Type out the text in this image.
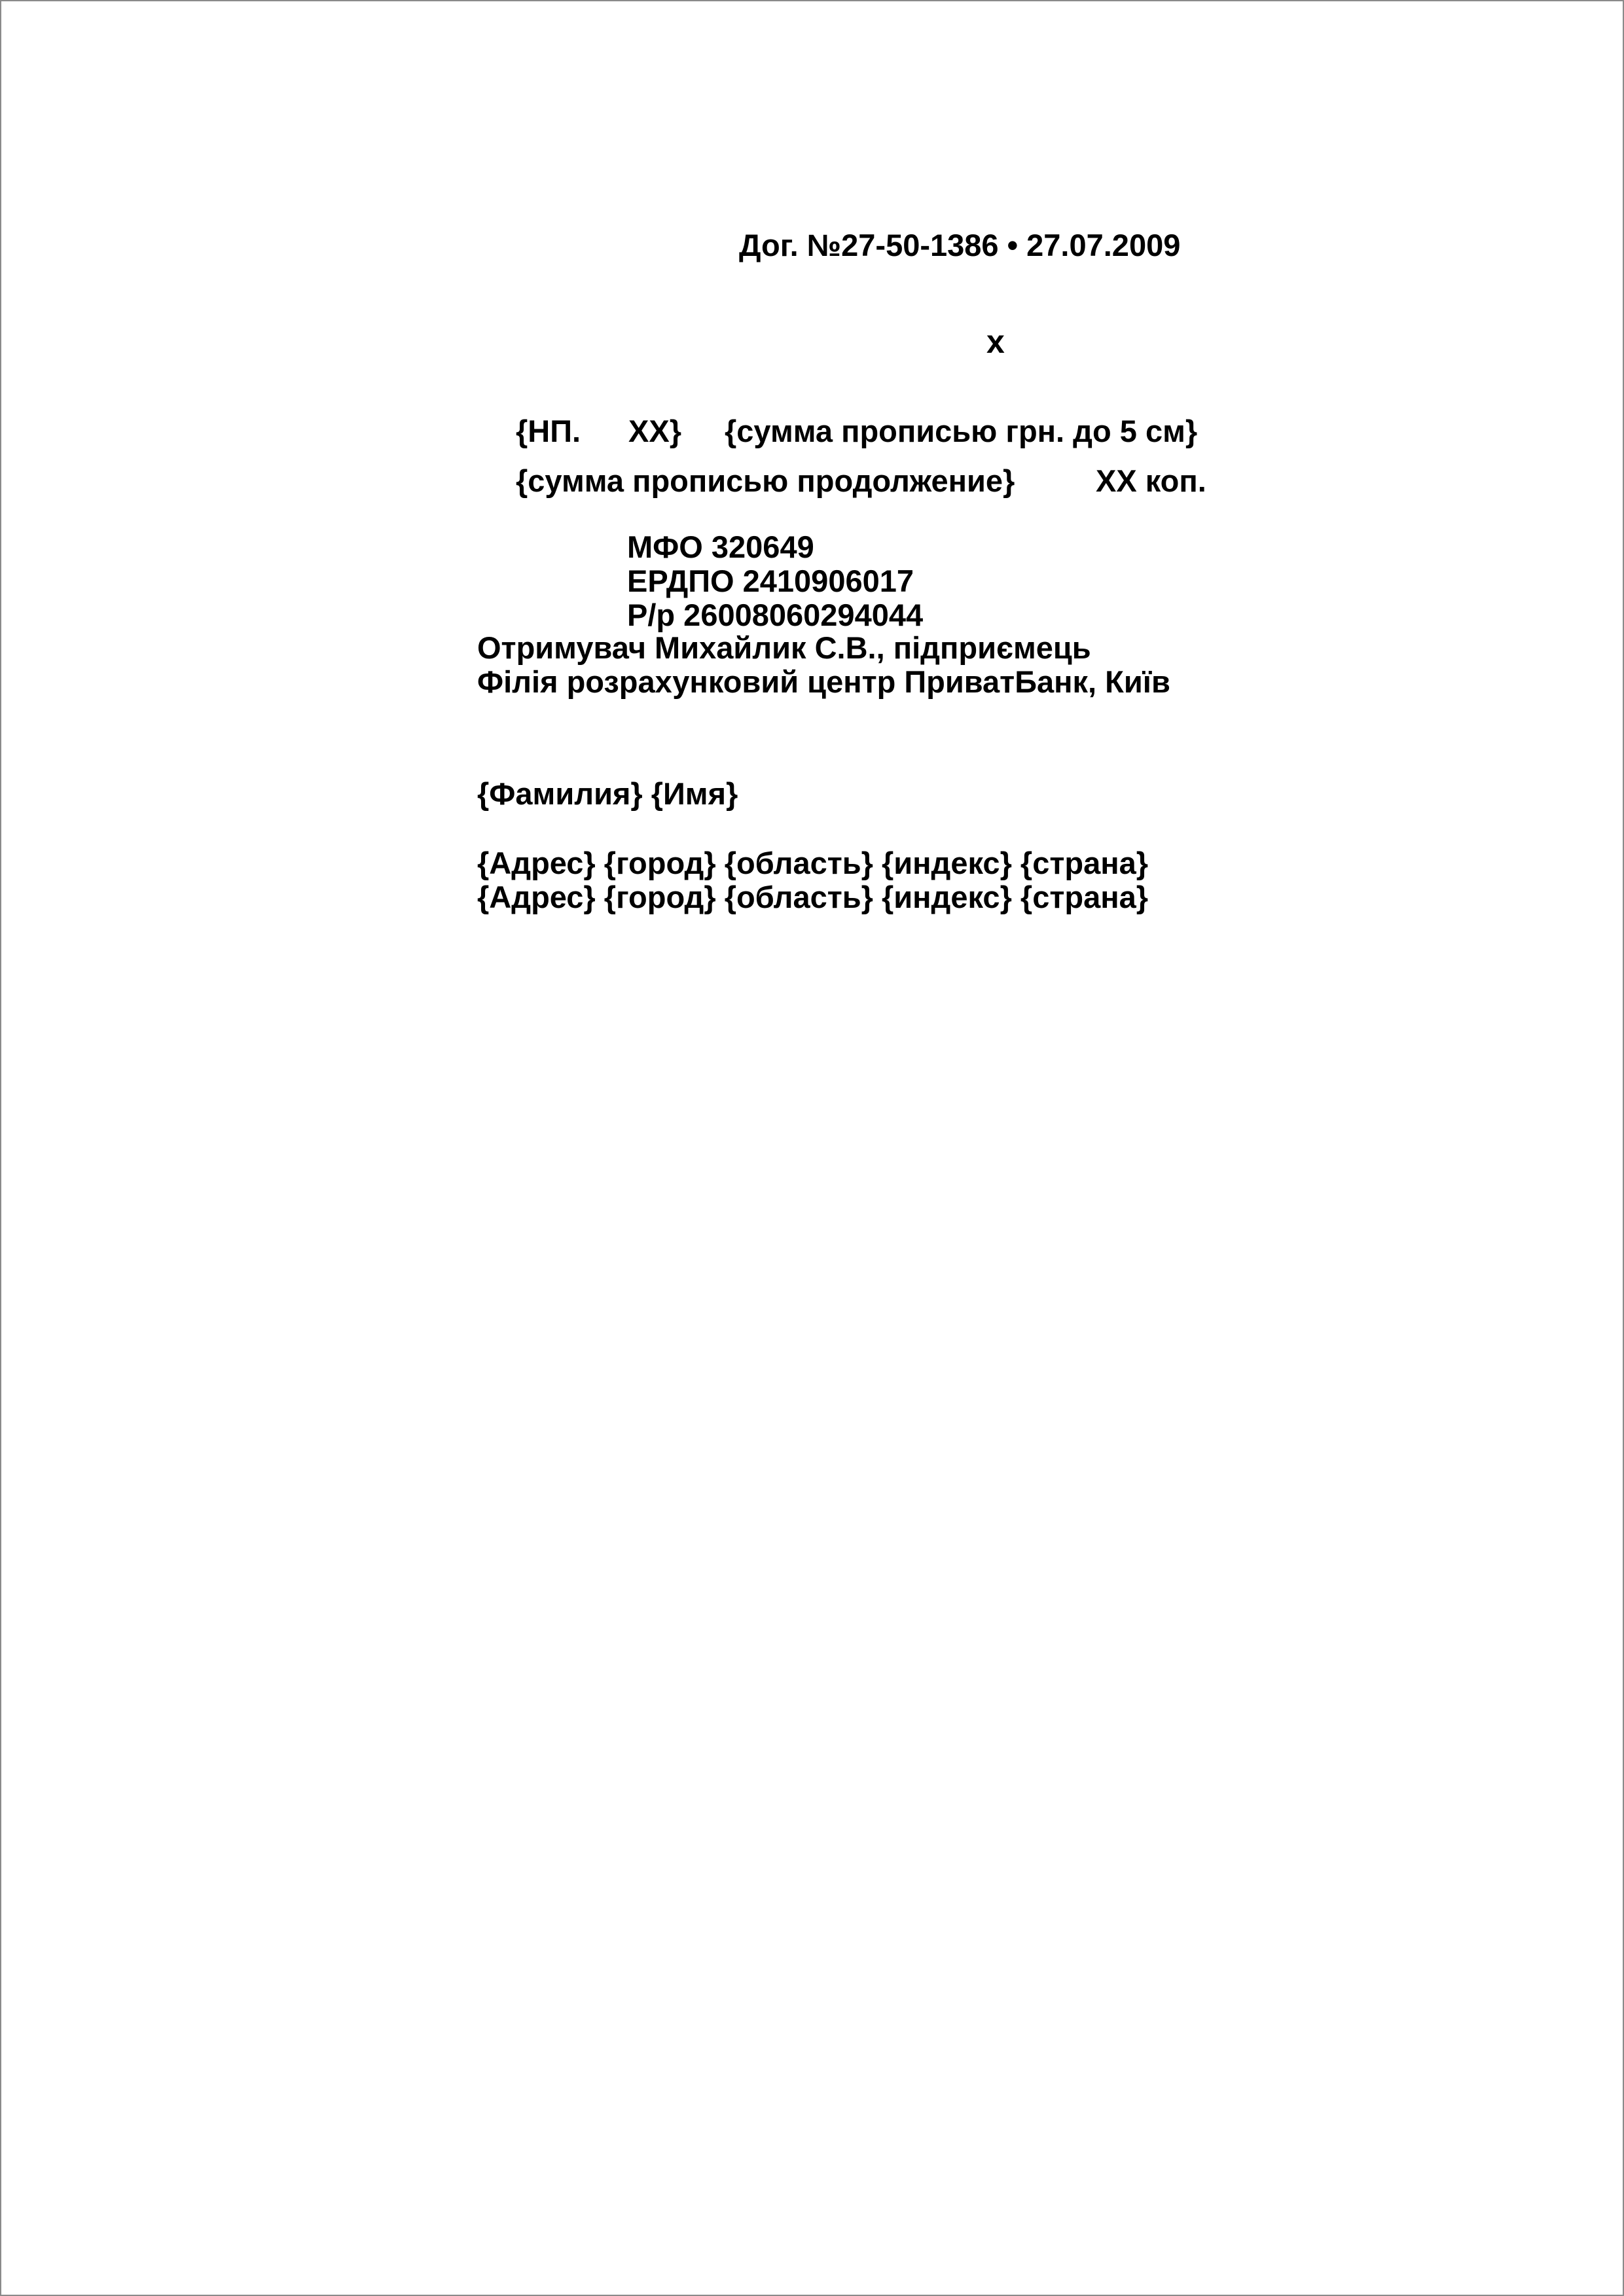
Дог. №27-50-1386 • 27.07.2009
x
{НП. XX} {сумма прописью грн. до 5 см}
{сумма прописью продолжение}	XX коп.
МФО 320649
ЕРДПО 2410906017
Р/р 26008060294044
Отримувач Михайлик С.В., підприємець
Філія розрахунковий центр ПриватБанк, Київ
{Фамилия} {Имя}
{Адрес} {город} {область} {индекс} {страна}
{Адрес} {город} {область} {индекс} {страна}
